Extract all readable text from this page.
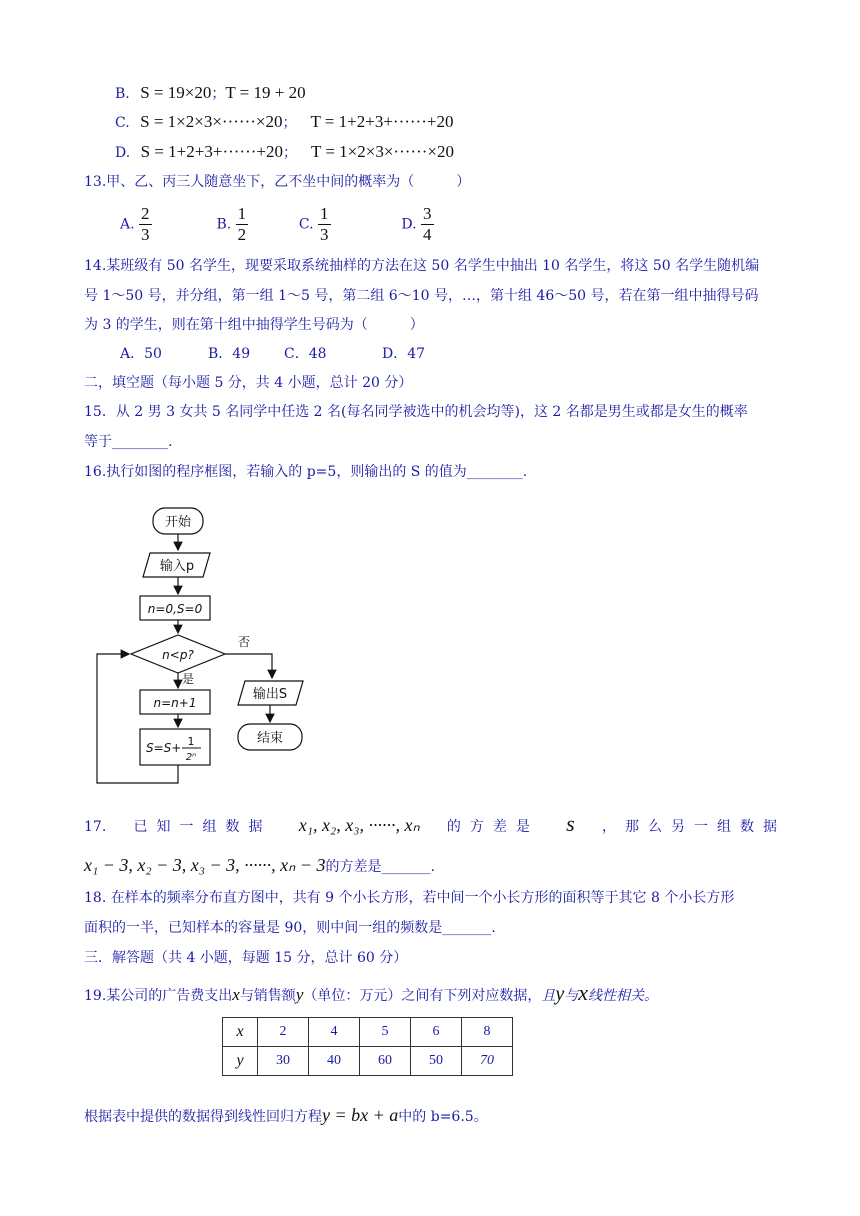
B. S = 19×20；T = 19 + 20
C. S = 1×2×3×······×20； T = 1+2+3+······+20
D. S = 1+2+3+······+20； T = 1×2×3×······×20
13.甲、乙、丙三人随意坐下，乙不坐中间的概率为（　　　）
A. $\frac{2}{3}$	B. $\frac{1}{2}$	C. $\frac{1}{3}$	D. $\frac{3}{4}$
14.某班级有 50 名学生，现要采取系统抽样的方法在这 50 名学生中抽出 10 名学生，将这 50 名学生随机编
号 1～50 号，并分组，第一组 1～5 号，第二组 6～10 号，…，第十组 46～50 号，若在第一组中抽得号码
为 3 的学生，则在第十组中抽得学生号码为（　　　）
A．50	B．49 C．48	D．47
二，填空题（每小题 5 分，共 4 小题，总计 20 分）
15．从 2 男 3 女共 5 名同学中任选 2 名(每名同学被选中的机会均等)，这 2 名都是男生或都是女生的概率
等于________.
16.执行如图的程序框图，若输入的 p=5，则输出的 S 的值为________.
开始
输入p
n=0,S=0
n<p?
否
是
n=n+1
S=S+ 1
2ⁿ
输出S
结束
17. 已知一组数据 x₁, x₂, x₃, ······, xₙ 的方差是 s ，那么另一组数据
x₁ − 3, x₂ − 3, x₃ − 3, ······, xₙ − 3的方差是_______.
18. 在样本的频率分布直方图中，共有 9 个小长方形，若中间一个小长方形的面积等于其它 8 个小长方形
面积的一半，已知样本的容量是 90，则中间一组的频数是_______.
三．解答题（共 4 小题，每题 15 分，总计 60 分）
19.某公司的广告费支出x与销售额y（单位：万元）之间有下列对应数据，且y与x线性相关。
x	2	4	5	6	8
y	30	40	60	50	70
根据表中提供的数据得到线性回归方程y = bx + a中的 b=6.5。
